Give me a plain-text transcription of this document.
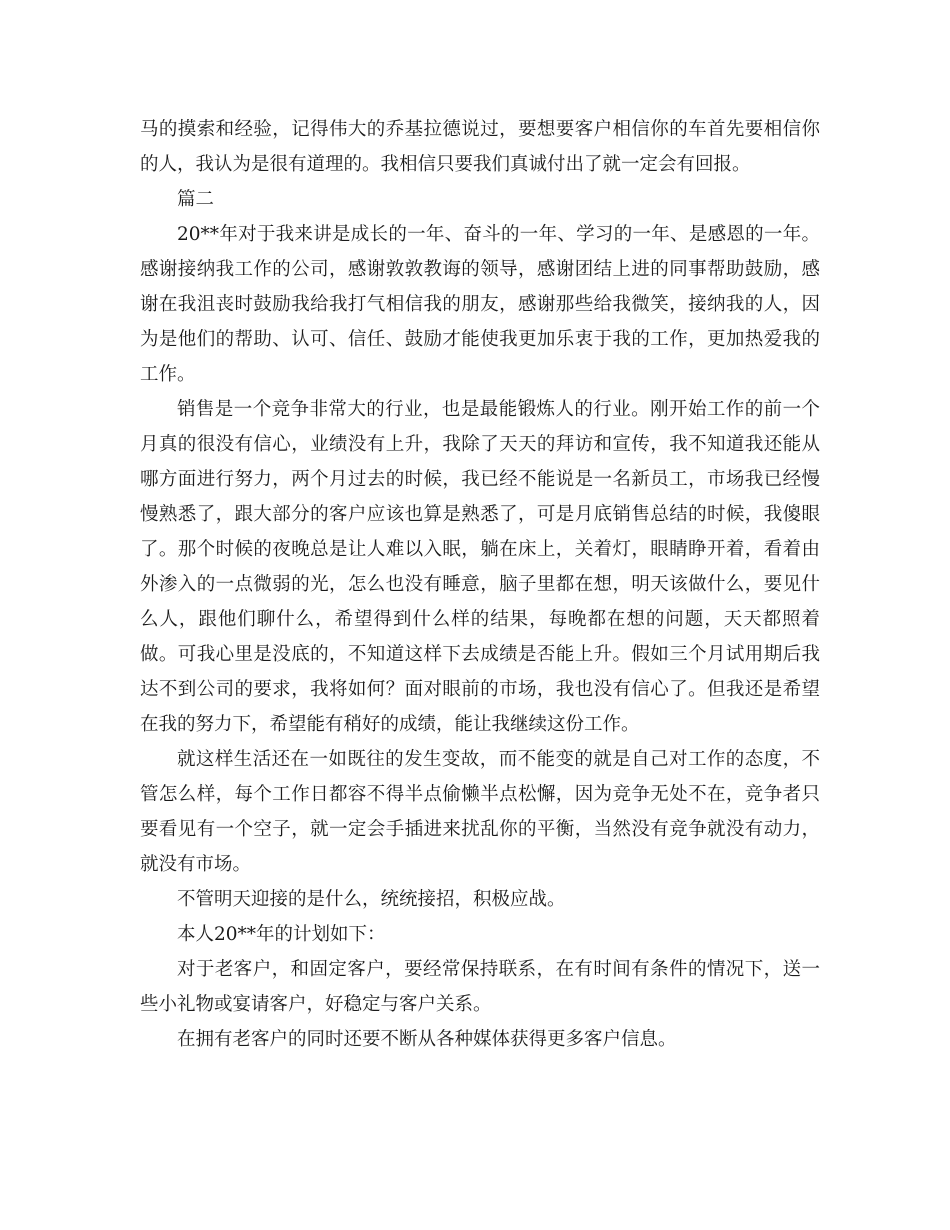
马的摸索和经验，记得伟大的乔基拉德说过，要想要客户相信你的车首先要相信你的人，我认为是很有道理的。我相信只要我们真诚付出了就一定会有回报。

篇二

20**年对于我来讲是成长的一年、奋斗的一年、学习的一年、是感恩的一年。感谢接纳我工作的公司，感谢敦敦教诲的领导，感谢团结上进的同事帮助鼓励，感谢在我沮丧时鼓励我给我打气相信我的朋友，感谢那些给我微笑，接纳我的人，因为是他们的帮助、认可、信任、鼓励才能使我更加乐衷于我的工作，更加热爱我的工作。

销售是一个竞争非常大的行业，也是最能锻炼人的行业。刚开始工作的前一个月真的很没有信心，业绩没有上升，我除了天天的拜访和宣传，我不知道我还能从哪方面进行努力，两个月过去的时候，我已经不能说是一名新员工，市场我已经慢慢熟悉了，跟大部分的客户应该也算是熟悉了，可是月底销售总结的时候，我傻眼了。那个时候的夜晚总是让人难以入眠，躺在床上，关着灯，眼睛睁开着，看着由外渗入的一点微弱的光，怎么也没有睡意，脑子里都在想，明天该做什么，要见什么人，跟他们聊什么，希望得到什么样的结果，每晚都在想的问题，天天都照着做。可我心里是没底的，不知道这样下去成绩是否能上升。假如三个月试用期后我达不到公司的要求，我将如何？面对眼前的市场，我也没有信心了。但我还是希望在我的努力下，希望能有稍好的成绩，能让我继续这份工作。

就这样生活还在一如既往的发生变故，而不能变的就是自己对工作的态度，不管怎么样，每个工作日都容不得半点偷懒半点松懈，因为竞争无处不在，竞争者只要看见有一个空子，就一定会手插进来扰乱你的平衡，当然没有竞争就没有动力，就没有市场。

不管明天迎接的是什么，统统接招，积极应战。

本人20**年的计划如下：

对于老客户，和固定客户，要经常保持联系，在有时间有条件的情况下，送一些小礼物或宴请客户，好稳定与客户关系。

在拥有老客户的同时还要不断从各种媒体获得更多客户信息。
